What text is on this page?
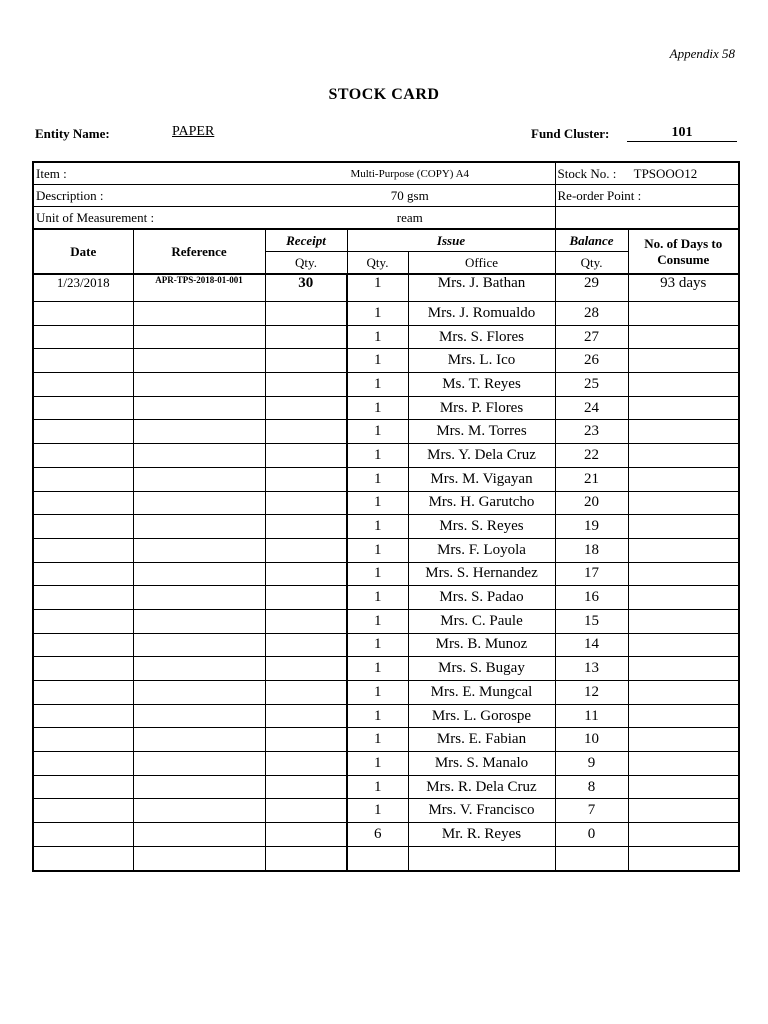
Appendix 58
STOCK CARD
Entity Name:	PAPER	Fund Cluster:	101
Item :		Multi-Purpose (COPY) A4			Stock No. : TPSOOO12	
Description :		70 gsm			Re-order Point :	
Unit of Measurement :		ream				
Date	Reference	Receipt	Issue		Balance	No. of Days to Consume
		Qty.	Qty.	Office	Qty.	
1/23/2018	APR-TPS-2018-01-001	30	1	Mrs. J. Bathan	29	93 days
			1	Mrs. J. Romualdo	28	
			1	Mrs. S. Flores	27	
			1	Mrs. L. Ico	26	
			1	Ms. T. Reyes	25	
			1	Mrs. P. Flores	24	
			1	Mrs. M. Torres	23	
			1	Mrs. Y. Dela Cruz	22	
			1	Mrs. M. Vigayan	21	
			1	Mrs. H. Garutcho	20	
			1	Mrs. S. Reyes	19	
			1	Mrs. F. Loyola	18	
			1	Mrs. S. Hernandez	17	
			1	Mrs. S. Padao	16	
			1	Mrs. C. Paule	15	
			1	Mrs. B. Munoz	14	
			1	Mrs. S. Bugay	13	
			1	Mrs. E. Mungcal	12	
			1	Mrs. L. Gorospe	11	
			1	Mrs. E. Fabian	10	
			1	Mrs. S. Manalo	9	
			1	Mrs. R. Dela Cruz	8	
			1	Mrs. V. Francisco	7	
			6	Mr. R. Reyes	0	
